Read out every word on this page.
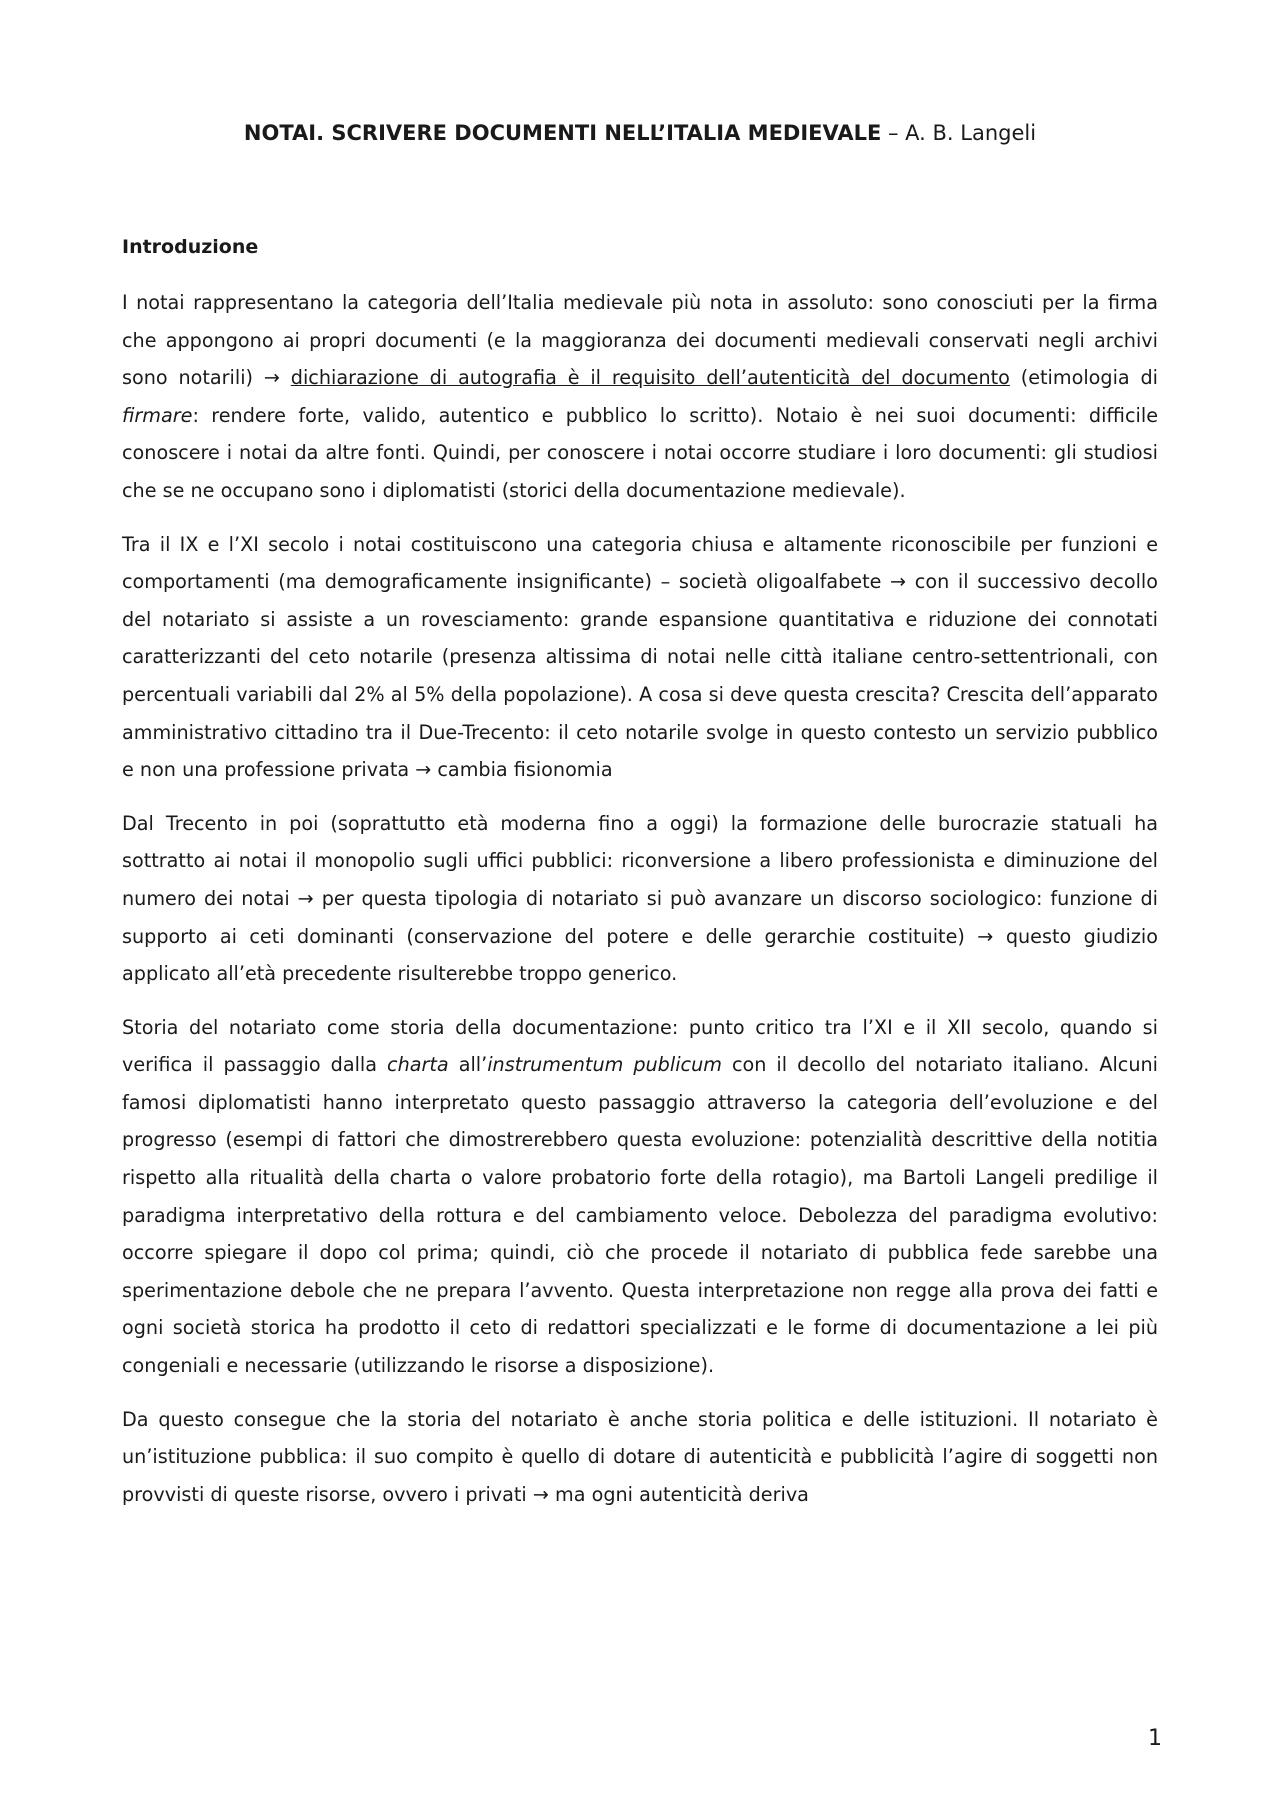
NOTAI. SCRIVERE DOCUMENTI NELL’ITALIA MEDIEVALE – A. B. Langeli
Introduzione

I notai rappresentano la categoria dell’Italia medievale più nota in assoluto: sono conosciuti per la firma che appongono ai propri documenti (e la maggioranza dei documenti medievali conservati negli archivi sono notarili) → dichiarazione di autografia è il requisito dell’autenticità del documento (etimologia di firmare: rendere forte, valido, autentico e pubblico lo scritto). Notaio è nei suoi documenti: difficile conoscere i notai da altre fonti. Quindi, per conoscere i notai occorre studiare i loro documenti: gli studiosi che se ne occupano sono i diplomatisti (storici della documentazione medievale).

Tra il IX e l’XI secolo i notai costituiscono una categoria chiusa e altamente riconoscibile per funzioni e comportamenti (ma demograficamente insignificante) – società oligoalfabete → con il successivo decollo del notariato si assiste a un rovesciamento: grande espansione quantitativa e riduzione dei connotati caratterizzanti del ceto notarile (presenza altissima di notai nelle città italiane centro-settentrionali, con percentuali variabili dal 2% al 5% della popolazione). A cosa si deve questa crescita? Crescita dell’apparato amministrativo cittadino tra il Due-Trecento: il ceto notarile svolge in questo contesto un servizio pubblico e non una professione privata → cambia fisionomia

Dal Trecento in poi (soprattutto età moderna fino a oggi) la formazione delle burocrazie statuali ha sottratto ai notai il monopolio sugli uffici pubblici: riconversione a libero professionista e diminuzione del numero dei notai → per questa tipologia di notariato si può avanzare un discorso sociologico: funzione di supporto ai ceti dominanti (conservazione del potere e delle gerarchie costituite) → questo giudizio applicato all’età precedente risulterebbe troppo generico.

Storia del notariato come storia della documentazione: punto critico tra l’XI e il XII secolo, quando si verifica il passaggio dalla charta all’instrumentum publicum con il decollo del notariato italiano. Alcuni famosi diplomatisti hanno interpretato questo passaggio attraverso la categoria dell’evoluzione e del progresso (esempi di fattori che dimostrerebbero questa evoluzione: potenzialità descrittive della notitia rispetto alla ritualità della charta o valore probatorio forte della rotagio), ma Bartoli Langeli predilige il paradigma interpretativo della rottura e del cambiamento veloce. Debolezza del paradigma evolutivo: occorre spiegare il dopo col prima; quindi, ciò che procede il notariato di pubblica fede sarebbe una sperimentazione debole che ne prepara l’avvento. Questa interpretazione non regge alla prova dei fatti e ogni società storica ha prodotto il ceto di redattori specializzati e le forme di documentazione a lei più congeniali e necessarie (utilizzando le risorse a disposizione).

Da questo consegue che la storia del notariato è anche storia politica e delle istituzioni. Il notariato è un’istituzione pubblica: il suo compito è quello di dotare di autenticità e pubblicità l’agire di soggetti non provvisti di queste risorse, ovvero i privati → ma ogni autenticità deriva

1
